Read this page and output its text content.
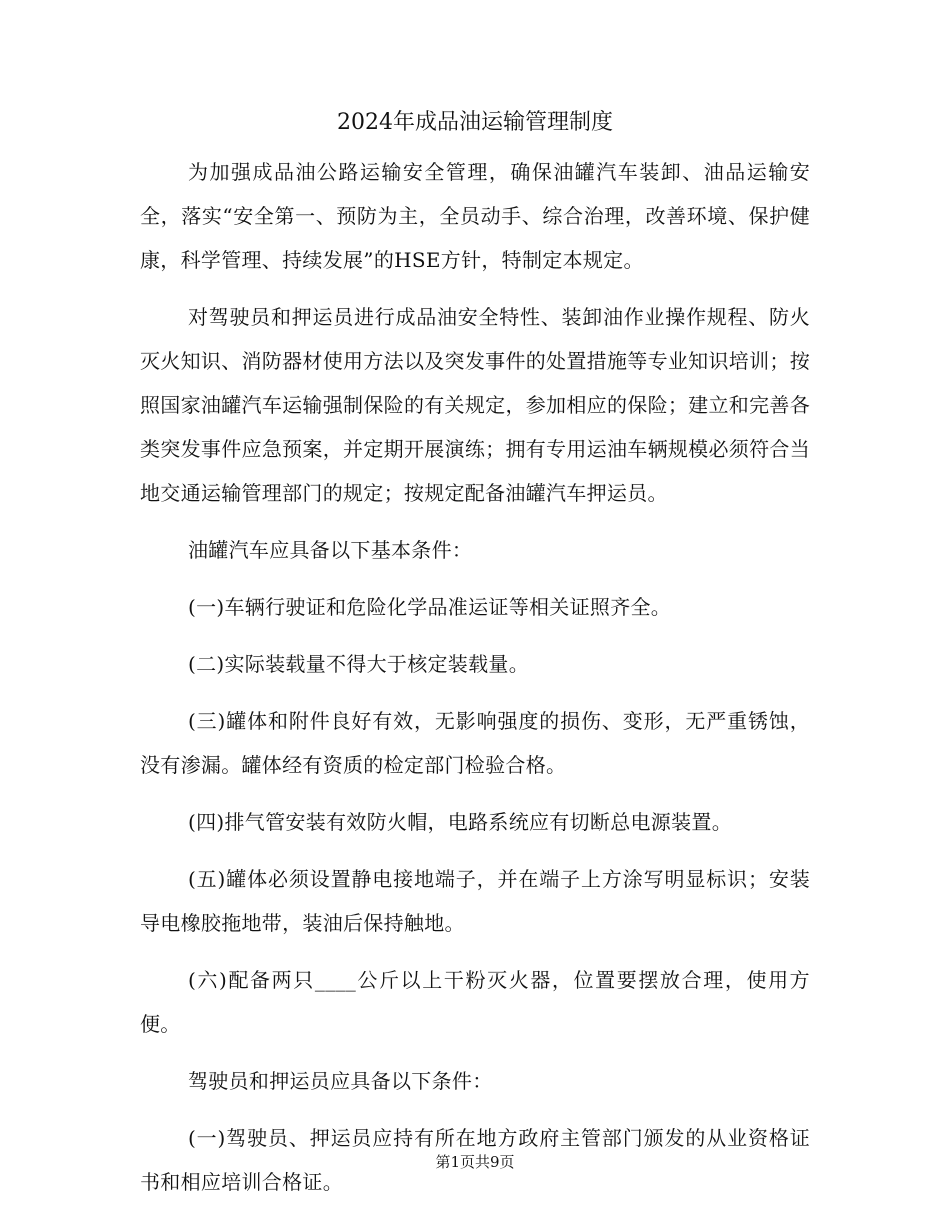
2024年成品油运输管理制度

为加强成品油公路运输安全管理，确保油罐汽车装卸、油品运输安全，落实“安全第一、预防为主，全员动手、综合治理，改善环境、保护健康，科学管理、持续发展”的HSE方针，特制定本规定。

对驾驶员和押运员进行成品油安全特性、装卸油作业操作规程、防火灭火知识、消防器材使用方法以及突发事件的处置措施等专业知识培训；按照国家油罐汽车运输强制保险的有关规定，参加相应的保险；建立和完善各类突发事件应急预案，并定期开展演练；拥有专用运油车辆规模必须符合当地交通运输管理部门的规定；按规定配备油罐汽车押运员。

油罐汽车应具备以下基本条件：

(一)车辆行驶证和危险化学品准运证等相关证照齐全。

(二)实际装载量不得大于核定装载量。

(三)罐体和附件良好有效，无影响强度的损伤、变形，无严重锈蚀，没有渗漏。罐体经有资质的检定部门检验合格。

(四)排气管安装有效防火帽，电路系统应有切断总电源装置。

(五)罐体必须设置静电接地端子，并在端子上方涂写明显标识；安装导电橡胶拖地带，装油后保持触地。

(六)配备两只____公斤以上干粉灭火器，位置要摆放合理，使用方便。

驾驶员和押运员应具备以下条件：

(一)驾驶员、押运员应持有所在地方政府主管部门颁发的从业资格证书和相应培训合格证。

第1页共9页
